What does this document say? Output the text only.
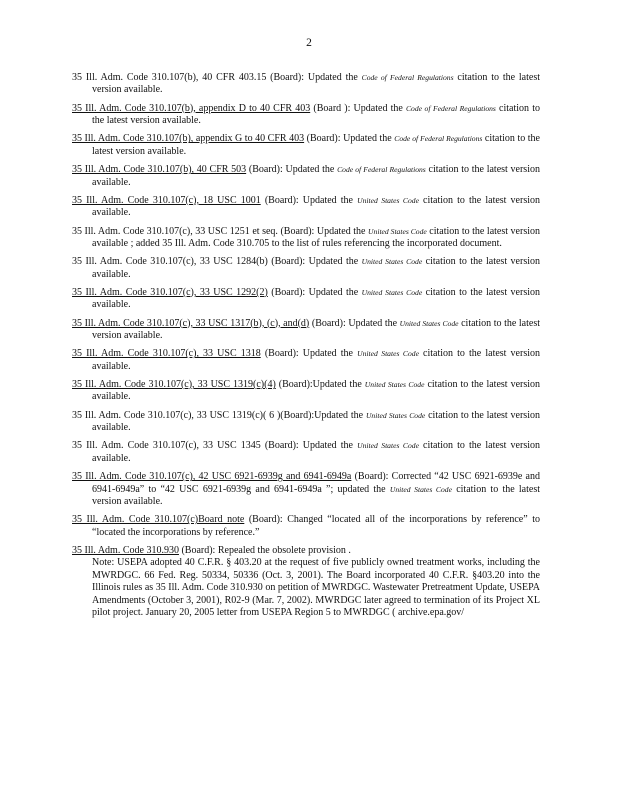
2
35 Ill. Adm. Code 310.107(b), 40 CFR 403.15 (Board): Updated the Code of Federal Regulations citation to the latest version available.
35 Ill. Adm. Code 310.107(b), appendix D to 40 CFR 403 (Board ): Updated the Code of Federal Regulations citation to the latest version available.
35 Ill. Adm. Code 310.107(b), appendix G to 40 CFR 403 (Board): Updated the Code of Federal Regulations citation to the latest version available.
35 Ill. Adm. Code 310.107(b), 40 CFR 503 (Board): Updated the Code of Federal Regulations citation to the latest version available.
35 Ill. Adm. Code 310.107(c), 18 USC 1001 (Board): Updated the United States Code citation to the latest version available.
35 Ill. Adm. Code 310.107(c), 33 USC 1251 et seq. (Board): Updated the United States Code citation to the latest version available ; added 35 Ill. Adm. Code 310.705 to the list of rules referencing the incorporated document.
35 Ill. Adm. Code 310.107(c), 33 USC 1284(b) (Board): Updated the United States Code citation to the latest version available.
35 Ill. Adm. Code 310.107(c), 33 USC 1292(2) (Board): Updated the United States Code citation to the latest version available.
35 Ill. Adm. Code 310.107(c), 33 USC 1317(b), (c), and(d) (Board): Updated the United States Code citation to the latest version available.
35 Ill. Adm. Code 310.107(c), 33 USC 1318 (Board): Updated the United States Code citation to the latest version available.
35 Ill. Adm. Code 310.107(c), 33 USC 1319(c)(4) (Board):Updated the United States Code citation to the latest version available.
35 Ill. Adm. Code 310.107(c), 33 USC 1319(c)( 6 )(Board):Updated the United States Code citation to the latest version available.
35 Ill. Adm. Code 310.107(c), 33 USC 1345 (Board): Updated the United States Code citation to the latest version available.
35 Ill. Adm. Code 310.107(c), 42 USC 6921-6939g and 6941-6949a (Board): Corrected “42 USC 6921-6939e and 6941-6949a” to “42 USC 6921-6939g and 6941-6949a ”; updated the United States Code citation to the latest version available.
35 Ill. Adm. Code 310.107(c)Board note (Board): Changed “located all of the incorporations by reference” to “located the incorporations by reference.”
35 Ill. Adm. Code 310.930 (Board): Repealed the obsolete provision .
Note: USEPA adopted 40 C.F.R. § 403.20 at the request of five publicly owned treatment works, including the MWRDGC. 66 Fed. Reg. 50334, 50336 (Oct. 3, 2001). The Board incorporated 40 C.F.R. §403.20 into the Illinois rules as 35 Ill. Adm. Code 310.930 on petition of MWRDGC. Wastewater Pretreatment Update, USEPA Amendments (October 3, 2001), R02-9 (Mar. 7, 2002). MWRDGC later agreed to termination of its Project XL pilot project. January 20, 2005 letter from USEPA Region 5 to MWRDGC ( archive.epa.gov/
